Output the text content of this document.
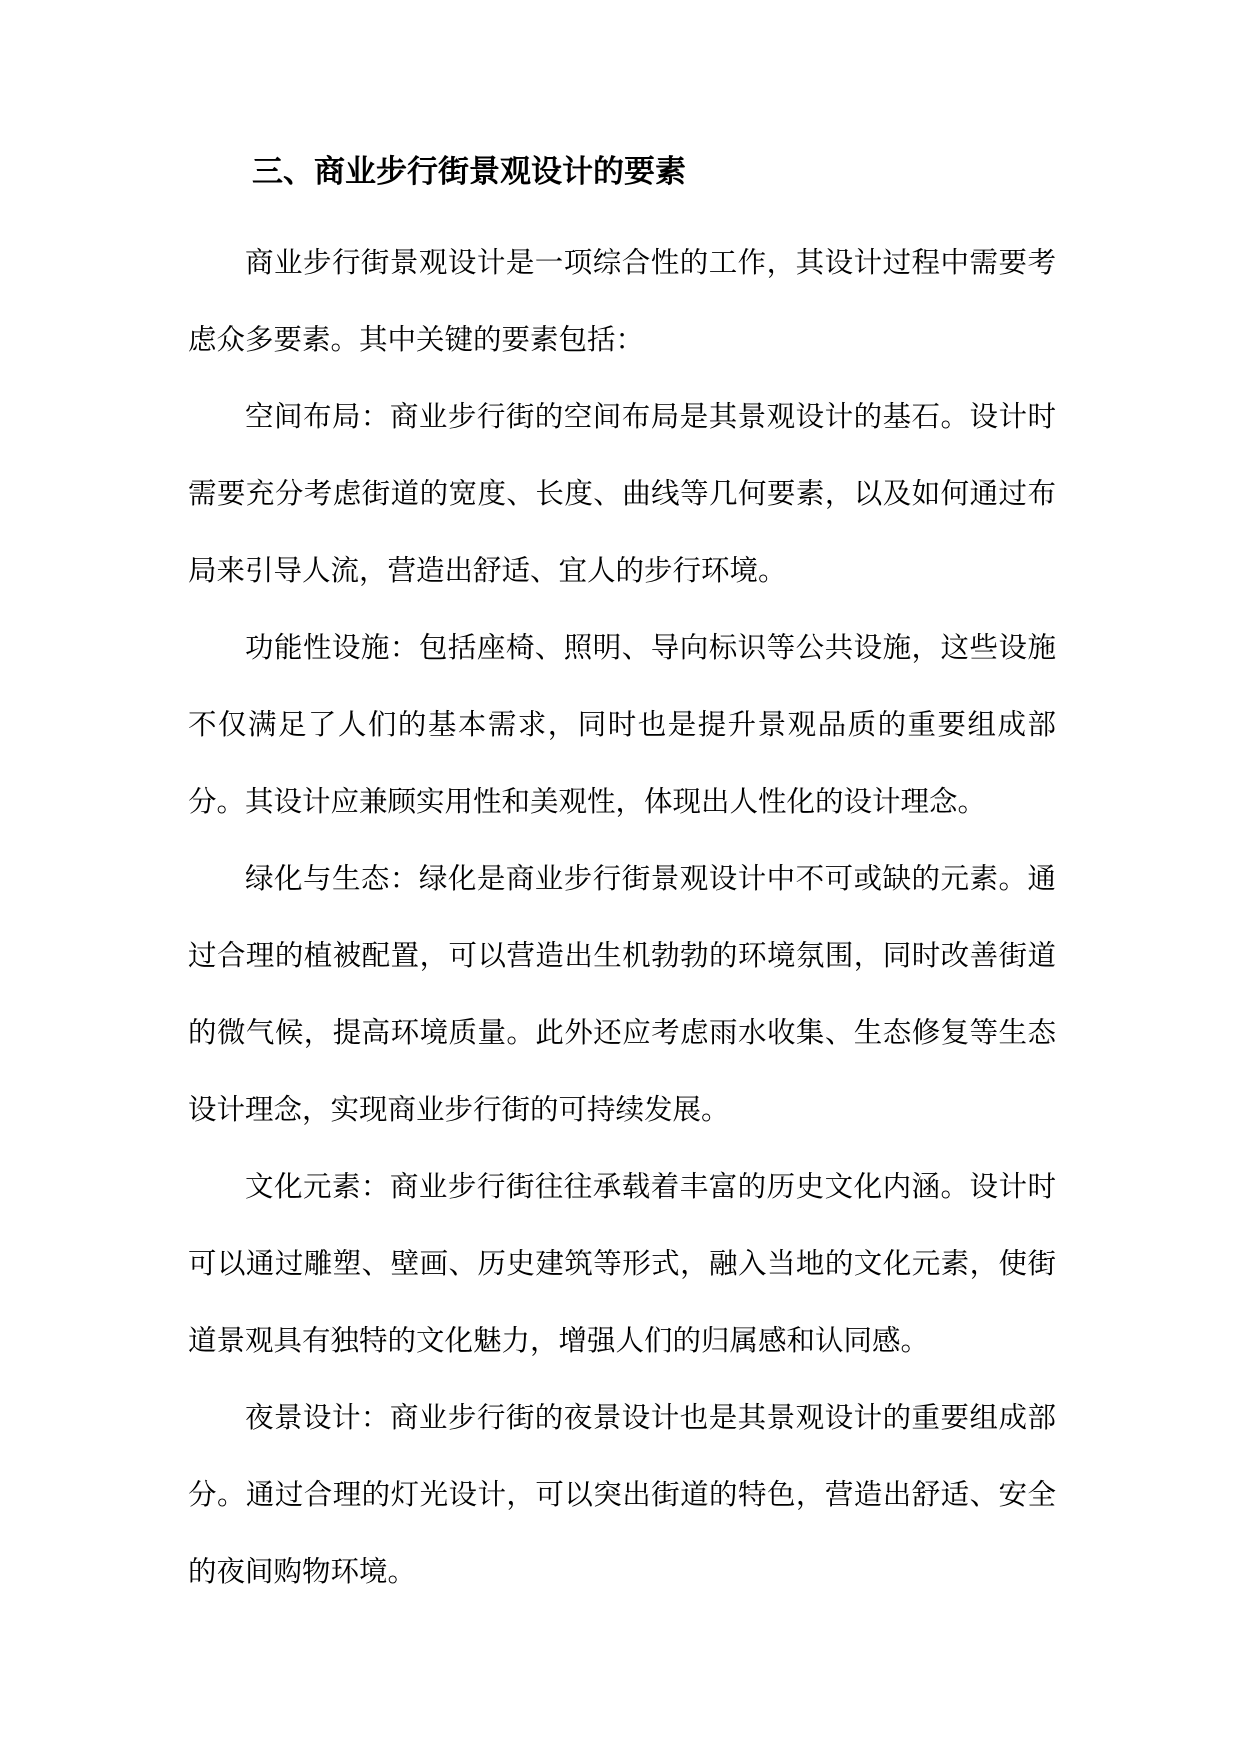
三、商业步行街景观设计的要素

商业步行街景观设计是一项综合性的工作，其设计过程中需要考虑众多要素。其中关键的要素包括：

空间布局：商业步行街的空间布局是其景观设计的基石。设计时需要充分考虑街道的宽度、长度、曲线等几何要素，以及如何通过布局来引导人流，营造出舒适、宜人的步行环境。

功能性设施：包括座椅、照明、导向标识等公共设施，这些设施不仅满足了人们的基本需求，同时也是提升景观品质的重要组成部分。其设计应兼顾实用性和美观性，体现出人性化的设计理念。

绿化与生态：绿化是商业步行街景观设计中不可或缺的元素。通过合理的植被配置，可以营造出生机勃勃的环境氛围，同时改善街道的微气候，提高环境质量。此外还应考虑雨水收集、生态修复等生态设计理念，实现商业步行街的可持续发展。

文化元素：商业步行街往往承载着丰富的历史文化内涵。设计时可以通过雕塑、壁画、历史建筑等形式，融入当地的文化元素，使街道景观具有独特的文化魅力，增强人们的归属感和认同感。

夜景设计：商业步行街的夜景设计也是其景观设计的重要组成部分。通过合理的灯光设计，可以突出街道的特色，营造出舒适、安全的夜间购物环境。
